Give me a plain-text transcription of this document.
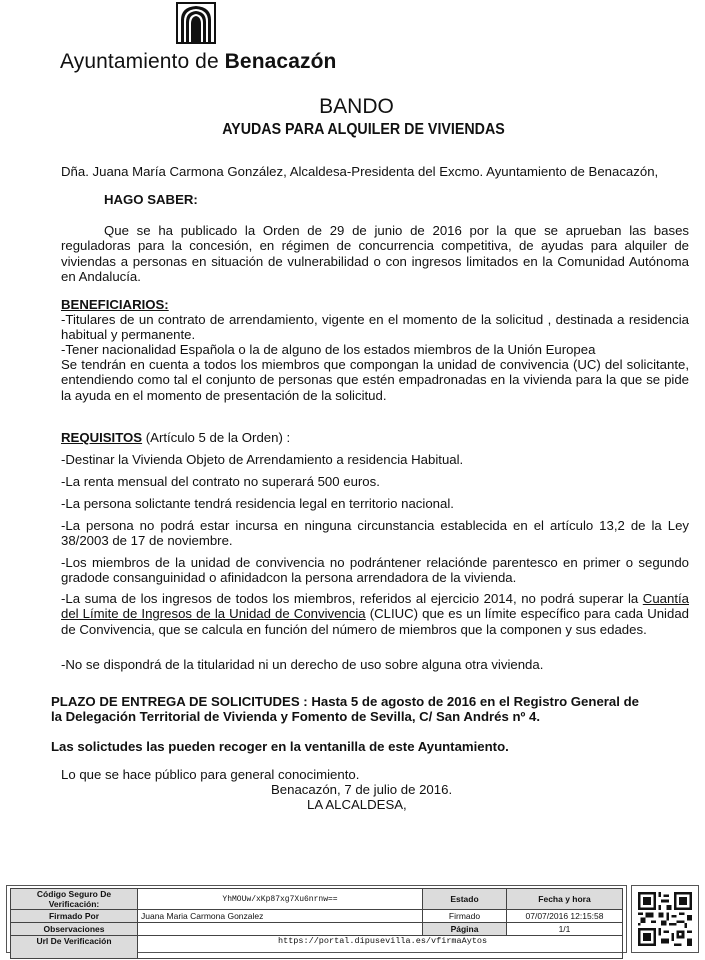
Ayuntamiento de Benacazón
BANDO
AYUDAS PARA ALQUILER DE VIVIENDAS
Dña. Juana María Carmona González, Alcaldesa-Presidenta del Excmo. Ayuntamiento de Benacazón,
HAGO SABER:
Que se ha publicado la Orden de 29 de junio de 2016 por la que se aprueban las bases reguladoras para la concesión, en régimen de concurrencia competitiva, de ayudas para alquiler de viviendas a personas en situación de vulnerabilidad o con ingresos limitados en la Comunidad Autónoma en Andalucía.
BENEFICIARIOS:
-Titulares de un contrato de arrendamiento, vigente en el momento de la solicitud , destinada a residencia habitual y permanente.
-Tener nacionalidad Española o la de alguno de los estados miembros de la Unión Europea
Se tendrán en cuenta a todos los miembros que compongan la unidad de convivencia (UC) del solicitante, entendiendo como tal el conjunto de personas que estén empadronadas en la vivienda para la que se pide la ayuda en el momento de presentación de la solicitud.
REQUISITOS (Artículo 5 de la Orden) :
-Destinar la Vivienda Objeto de Arrendamiento a residencia Habitual.
-La renta mensual del contrato no superará 500 euros.
-La persona solictante tendrá residencia legal en territorio nacional.
-La persona no podrá estar incursa en ninguna circunstancia establecida en el artículo 13,2 de la Ley 38/2003 de 17 de noviembre.
-Los miembros de la unidad de convivencia no podrántener relaciónde parentesco en primer o segundo gradode consanguinidad o afinidadcon la persona arrendadora de la vivienda.
-La suma de los ingresos de todos los miembros, referidos al ejercicio 2014, no podrá superar la Cuantía del Límite de Ingresos de la Unidad de Convivencia (CLIUC) que es un límite específico para cada Unidad de Convivencia, que se calcula en función del número de miembros que la componen y sus edades.
-No se dispondrá de la titularidad ni un derecho de uso sobre alguna otra vivienda.
PLAZO DE ENTREGA DE SOLICITUDES : Hasta 5 de agosto de 2016 en el Registro General de la Delegación Territorial de Vivienda y Fomento de Sevilla, C/ San Andrés nº 4.
Las solictudes las pueden recoger en la ventanilla de este Ayuntamiento.
Lo que se hace público para general conocimiento.
Benacazón, 7 de julio de 2016.
LA ALCALDESA,
Código Seguro De Verificación:	YhMOUw/xKp87xg7Xu6nrnw==	Estado	Fecha y hora
Firmado Por	Juana Maria Carmona Gonzalez	Firmado	07/07/2016 12:15:58
Observaciones		Página	1/1
Url De Verificación	https://portal.dipusevilla.es/vfirmaAytos		
